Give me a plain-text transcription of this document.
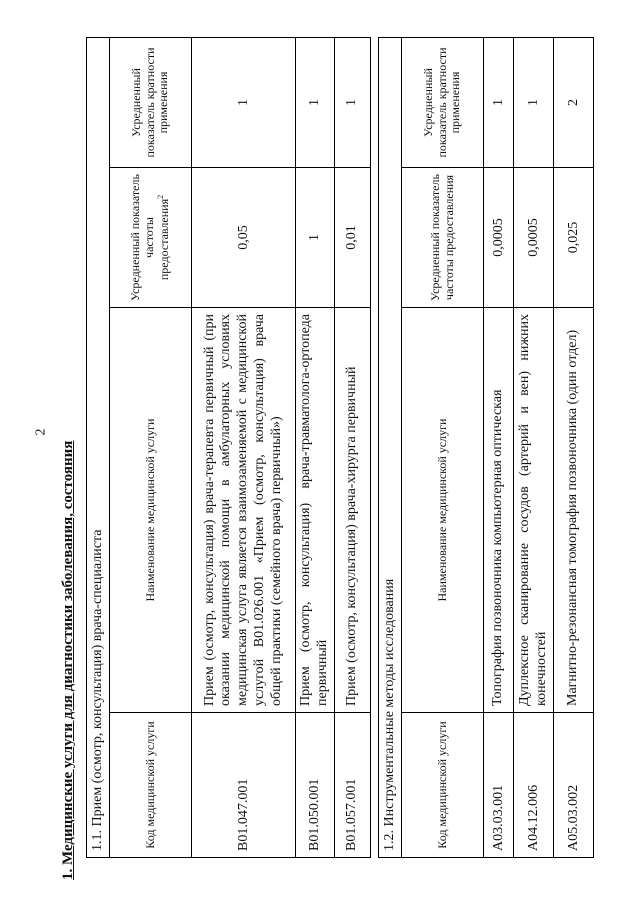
2
1. Медицинские услуги для диагностики заболевания, состояния 1.1. Прием (осмотр, консультация) врача-специалиста			
Код медицинской услуги	Наименование медицинской услуги	Усредненный показатель частоты предоставления$^2$	Усредненный показатель кратности применения
B01.047.001	Прием (осмотр, консультация) врача-терапевта первичный (при оказании медицинской помощи в амбулаторных условиях медицинская услуга является взаимозаменяемой с медицинской услугой B01.026.001 «Прием (осмотр, консультация) врача общей практики (семейного врача) первичный»)	0,05	1
B01.050.001	Прием (осмотр, консультация) врача-травматолога-ортопеда первичный	1	1
B01.057.001	Прием (осмотр, консультация) врача-хирурга первичный	0,01	1
1.2. Инструментальные методы исследования			
Код медицинской услуги	Наименование медицинской услуги	Усредненный показатель частоты предоставления	Усредненный показатель кратности применения
A03.03.001	Топография позвоночника компьютерная оптическая	0,0005	1
A04.12.006	Дуплексное сканирование сосудов (артерий и вен) нижних конечностей	0,0005	1
A05.03.002	Магнитно-резонансная томография позвоночника (один отдел)	0,025	2
